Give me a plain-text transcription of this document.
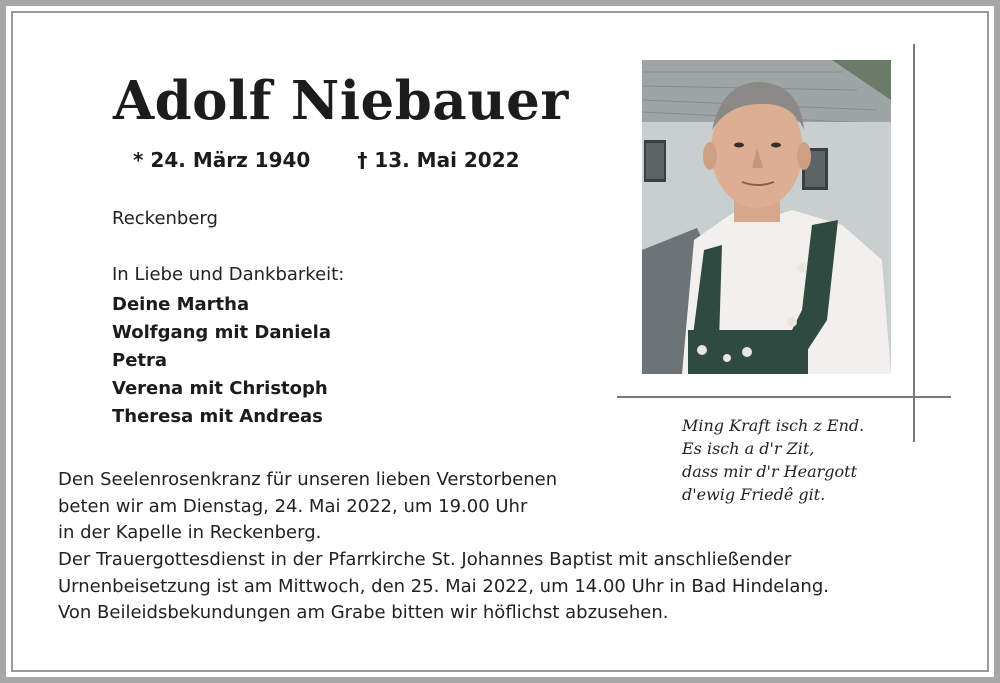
Adolf Niebauer
* 24. März 1940 † 13. Mai 2022
Reckenberg
In Liebe und Dankbarkeit:
Deine Martha
Wolfgang mit Daniela
Petra
Verena mit Christoph
Theresa mit Andreas	Ming Kraft isch z End.
Es isch a d'r Zit,
dass mir d'r Heargott
d'ewig Friedê git.
Den Seelenrosenkranz für unseren lieben Verstorbenen
beten wir am Dienstag, 24. Mai 2022, um 19.00 Uhr
in der Kapelle in Reckenberg.
Der Trauergottesdienst in der Pfarrkirche St. Johannes Baptist mit anschließender
Urnenbeisetzung ist am Mittwoch, den 25. Mai 2022, um 14.00 Uhr in Bad Hindelang.
Von Beileidsbekundungen am Grabe bitten wir höflichst abzusehen.
